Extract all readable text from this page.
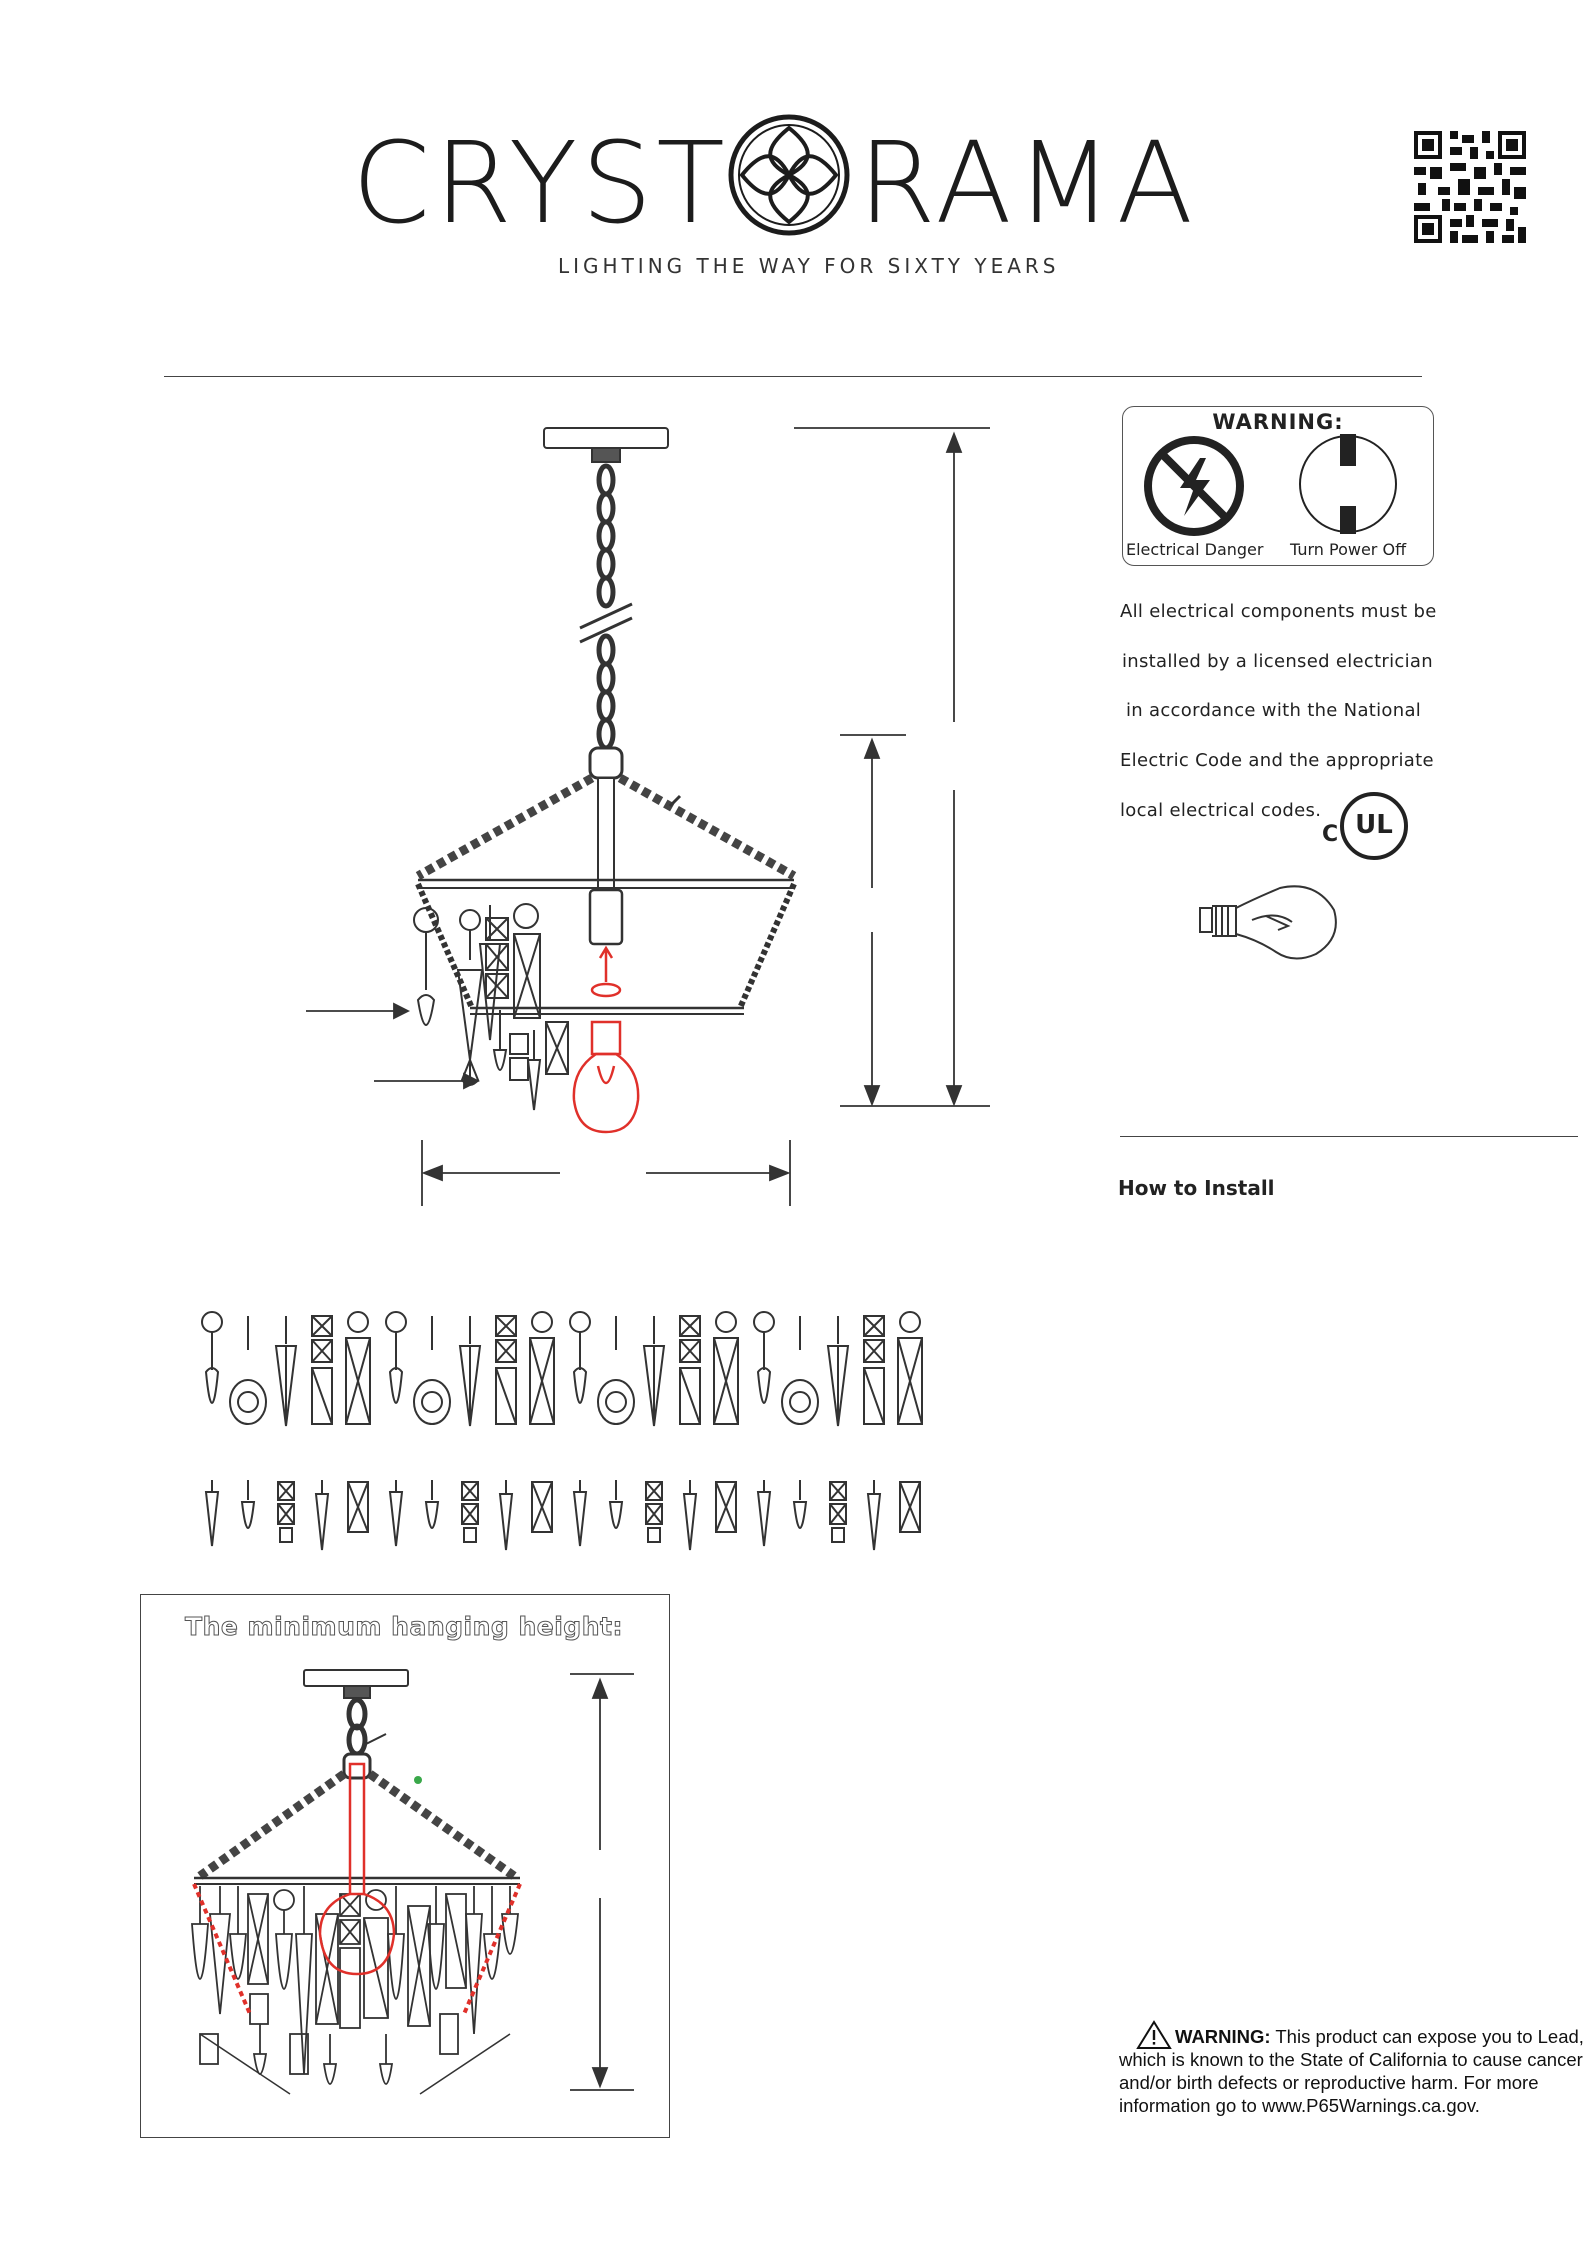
CRYST RAMA
LIGHTING THE WAY FOR SIXTY YEARS
WARNING:
Electrical Danger Turn Power Off
All electrical components must be
installed by a licensed electrician
in accordance with the National
Electric Code and the appropriate
local electrical codes.
C UL
How to Install
The minimum hanging height:
WARNING: This product can expose you to Lead, which is known to the State of California to cause cancer and/or birth defects or reproductive harm. For more information go to www.P65Warnings.ca.gov.
